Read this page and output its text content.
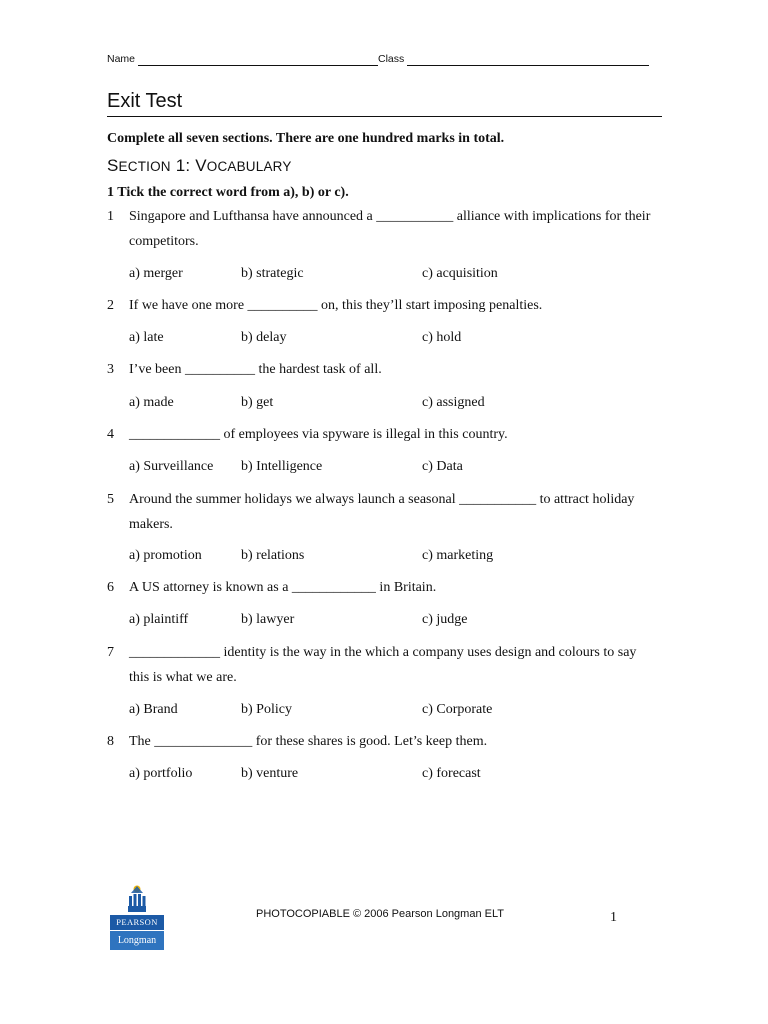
Name	Class
Exit Test
Complete all seven sections. There are one hundred marks in total.
SECTION 1: VOCABULARY
1 Tick the correct word from a), b) or c).
1 Singapore and Lufthansa have announced a ___________ alliance with implications for their competitors.
a) merger	b) strategic	c) acquisition
2 If we have one more __________ on, this they’ll start imposing penalties.
a) late	b) delay	c) hold
3 I’ve been __________ the hardest task of all.
a) made	b) get	c) assigned
4 _____________ of employees via spyware is illegal in this country.
a) Surveillance b) Intelligence	c) Data
5 Around the summer holidays we always launch a seasonal ___________ to attract holiday makers.
a) promotion	b) relations	c) marketing
6 A US attorney is known as a ____________ in Britain.
a) plaintiff	b) lawyer	c) judge
7 _____________ identity is the way in the which a company uses design and colours to say this is what we are.
a) Brand	b) Policy	c) Corporate
8 The ______________ for these shares is good. Let’s keep them.
a) portfolio	b) venture	c) forecast
PEARSON
Longman
PHOTOCOPIABLE © 2006 Pearson Longman ELT	1
